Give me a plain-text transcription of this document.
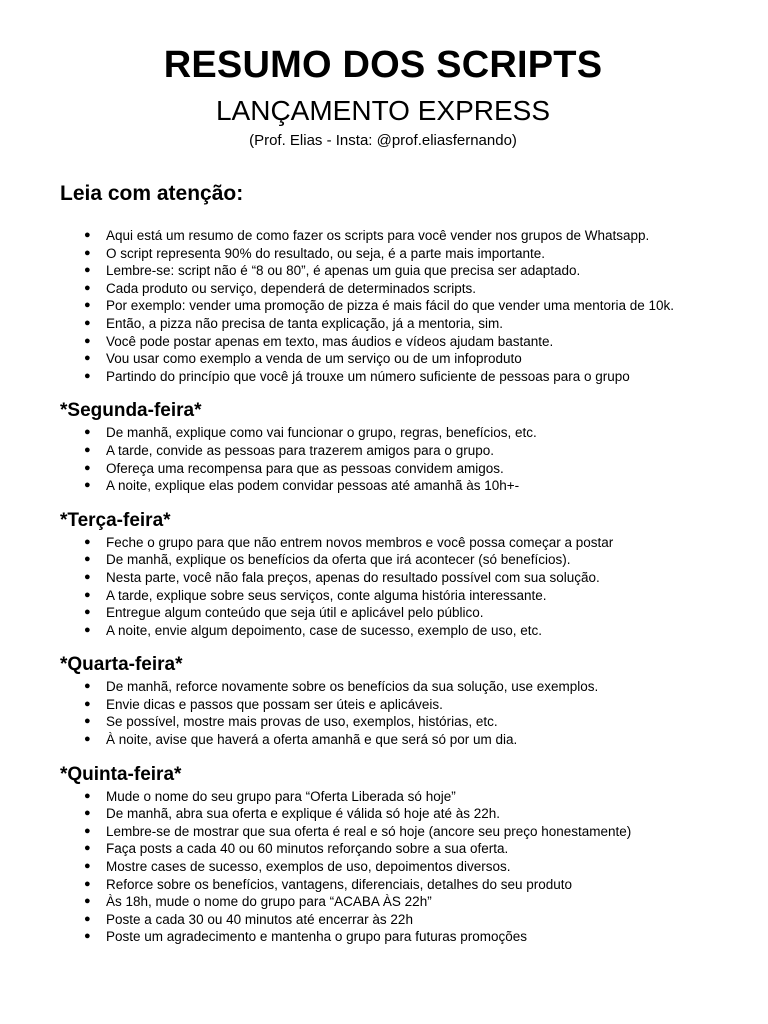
RESUMO DOS SCRIPTS
LANÇAMENTO EXPRESS
(Prof. Elias - Insta: @prof.eliasfernando)
Leia com atenção:
● Aqui está um resumo de como fazer os scripts para você vender nos grupos de Whatsapp.
● O script representa 90% do resultado, ou seja, é a parte mais importante.
● Lembre-se: script não é “8 ou 80”, é apenas um guia que precisa ser adaptado.
● Cada produto ou serviço, dependerá de determinados scripts.
● Por exemplo: vender uma promoção de pizza é mais fácil do que vender uma mentoria de 10k.
● Então, a pizza não precisa de tanta explicação, já a mentoria, sim.
● Você pode postar apenas em texto, mas áudios e vídeos ajudam bastante.
● Vou usar como exemplo a venda de um serviço ou de um infoproduto
● Partindo do princípio que você já trouxe um número suficiente de pessoas para o grupo
*Segunda-feira*
● De manhã, explique como vai funcionar o grupo, regras, benefícios, etc.
● A tarde, convide as pessoas para trazerem amigos para o grupo.
● Ofereça uma recompensa para que as pessoas convidem amigos.
● A noite, explique elas podem convidar pessoas até amanhã às 10h+-
*Terça-feira*
● Feche o grupo para que não entrem novos membros e você possa começar a postar
● De manhã, explique os benefícios da oferta que irá acontecer (só benefícios).
● Nesta parte, você não fala preços, apenas do resultado possível com sua solução.
● A tarde, explique sobre seus serviços, conte alguma história interessante.
● Entregue algum conteúdo que seja útil e aplicável pelo público.
● A noite, envie algum depoimento, case de sucesso, exemplo de uso, etc.
*Quarta-feira*
● De manhã, reforce novamente sobre os benefícios da sua solução, use exemplos.
● Envie dicas e passos que possam ser úteis e aplicáveis.
● Se possível, mostre mais provas de uso, exemplos, histórias, etc.
● À noite, avise que haverá a oferta amanhã e que será só por um dia.
*Quinta-feira*
● Mude o nome do seu grupo para “Oferta Liberada só hoje”
● De manhã, abra sua oferta e explique é válida só hoje até às 22h.
● Lembre-se de mostrar que sua oferta é real e só hoje (ancore seu preço honestamente)
● Faça posts a cada 40 ou 60 minutos reforçando sobre a sua oferta.
● Mostre cases de sucesso, exemplos de uso, depoimentos diversos.
● Reforce sobre os benefícios, vantagens, diferenciais, detalhes do seu produto
● Às 18h, mude o nome do grupo para “ACABA ÀS 22h”
● Poste a cada 30 ou 40 minutos até encerrar às 22h
● Poste um agradecimento e mantenha o grupo para futuras promoções
